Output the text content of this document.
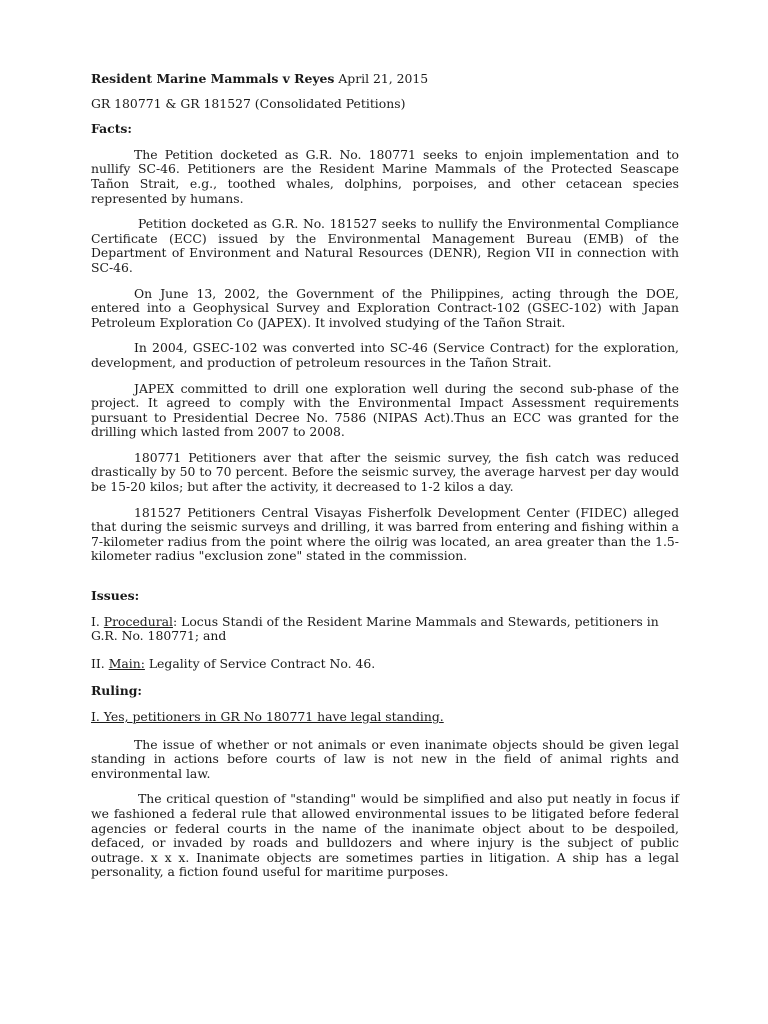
Resident Marine Mammals v Reyes April 21, 2015
GR 180771 & GR 181527 (Consolidated Petitions)
Facts:

The Petition docketed as G.R. No. 180771 seeks to enjoin implementation and to nullify SC-46. Petitioners are the Resident Marine Mammals of the Protected Seascape Tañon Strait, e.g., toothed whales, dolphins, porpoises, and other cetacean species represented by humans.

Petition docketed as G.R. No. 181527 seeks to nullify the Environmental Compliance Certificate (ECC) issued by the Environmental Management Bureau (EMB) of the Department of Environment and Natural Resources (DENR), Region VII in connection with SC-46.

On June 13, 2002, the Government of the Philippines, acting through the DOE, entered into a Geophysical Survey and Exploration Contract-102 (GSEC-102) with Japan Petroleum Exploration Co (JAPEX). It involved studying of the Tañon Strait.

In 2004, GSEC-102 was converted into SC-46 (Service Contract) for the exploration, development, and production of petroleum resources in the Tañon Strait.

JAPEX committed to drill one exploration well during the second sub-phase of the project. It agreed to comply with the Environmental Impact Assessment requirements pursuant to Presidential Decree No. 7586 (NIPAS Act).Thus an ECC was granted for the drilling which lasted from 2007 to 2008.

180771 Petitioners aver that after the seismic survey, the fish catch was reduced drastically by 50 to 70 percent. Before the seismic survey, the average harvest per day would be 15-20 kilos; but after the activity, it decreased to 1-2 kilos a day.

181527 Petitioners Central Visayas Fisherfolk Development Center (FIDEC) alleged that during the seismic surveys and drilling, it was barred from entering and fishing within a 7-kilometer radius from the point where the oilrig was located, an area greater than the 1.5-kilometer radius "exclusion zone" stated in the commission.

Issues:
I. Procedural: Locus Standi of the Resident Marine Mammals and Stewards, petitioners in G.R. No. 180771; and
II. Main: Legality of Service Contract No. 46.
Ruling:
I. Yes, petitioners in GR No 180771 have legal standing.

The issue of whether or not animals or even inanimate objects should be given legal standing in actions before courts of law is not new in the field of animal rights and environmental law.

The critical question of "standing" would be simplified and also put neatly in focus if we fashioned a federal rule that allowed environmental issues to be litigated before federal agencies or federal courts in the name of the inanimate object about to be despoiled, defaced, or invaded by roads and bulldozers and where injury is the subject of public outrage. x x x. Inanimate objects are sometimes parties in litigation. A ship has a legal personality, a fiction found useful for maritime purposes.
